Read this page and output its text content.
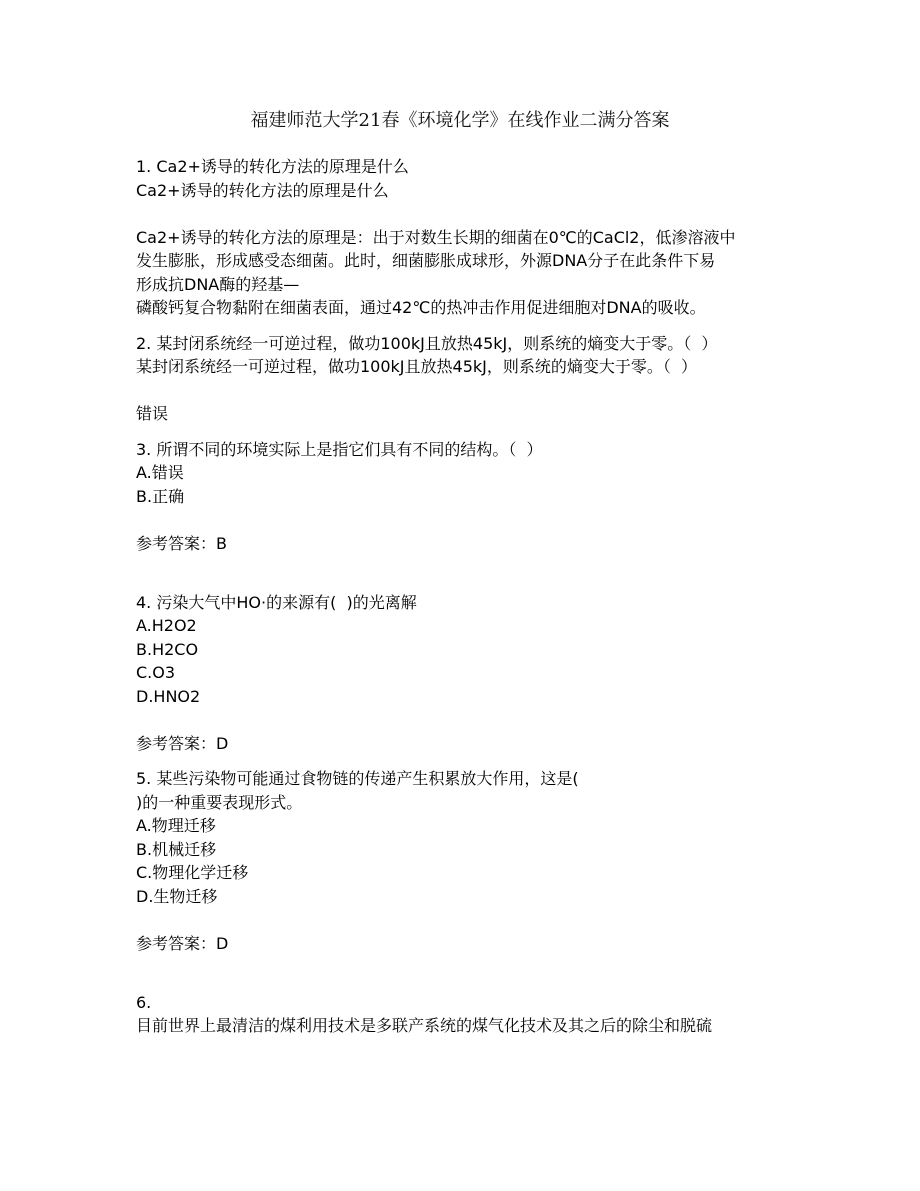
福建师范大学21春《环境化学》在线作业二满分答案
1. Ca2+诱导的转化方法的原理是什么
Ca2+诱导的转化方法的原理是什么
Ca2+诱导的转化方法的原理是：出于对数生长期的细菌在0℃的CaCl2，低渗溶液中
发生膨胀，形成感受态细菌。此时，细菌膨胀成球形，外源DNA分子在此条件下易
形成抗DNA酶的羟基—
磷酸钙复合物黏附在细菌表面，通过42℃的热冲击作用促进细胞对DNA的吸收。
2. 某封闭系统经一可逆过程，做功100kJ且放热45kJ，则系统的熵变大于零。（  ）
某封闭系统经一可逆过程，做功100kJ且放热45kJ，则系统的熵变大于零。（  ）
错误
3. 所谓不同的环境实际上是指它们具有不同的结构。（  ）
A.错误
B.正确
参考答案：B
4. 污染大气中HO·的来源有(  )的光离解
A.H2O2
B.H2CO
C.O3
D.HNO2
参考答案：D
5. 某些污染物可能通过食物链的传递产生积累放大作用，这是(
)的一种重要表现形式。
A.物理迁移
B.机械迁移
C.物理化学迁移
D.生物迁移
参考答案：D
6.
目前世界上最清洁的煤利用技术是多联产系统的煤气化技术及其之后的除尘和脱硫
